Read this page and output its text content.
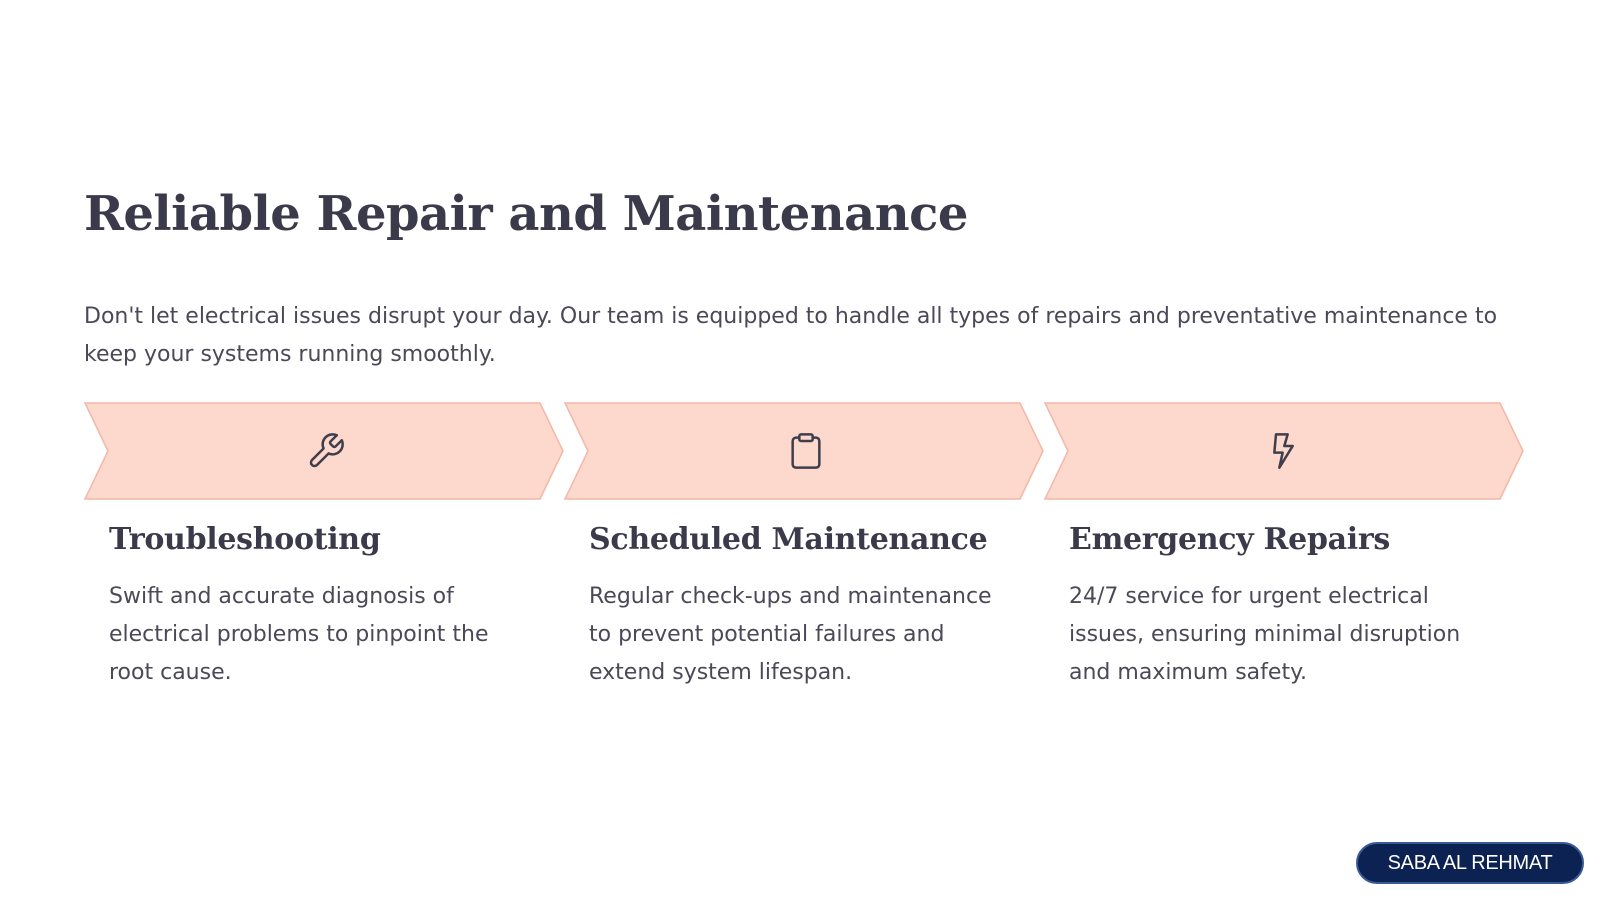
Reliable Repair and Maintenance

Don't let electrical issues disrupt your day. Our team is equipped to handle all types of repairs and preventative maintenance to keep your systems running smoothly.

Troubleshooting

Swift and accurate diagnosis of electrical problems to pinpoint the root cause.

Scheduled Maintenance

Regular check-ups and maintenance to prevent potential failures and extend system lifespan.

Emergency Repairs

24/7 service for urgent electrical issues, ensuring minimal disruption and maximum safety.

SABA AL REHMAT
